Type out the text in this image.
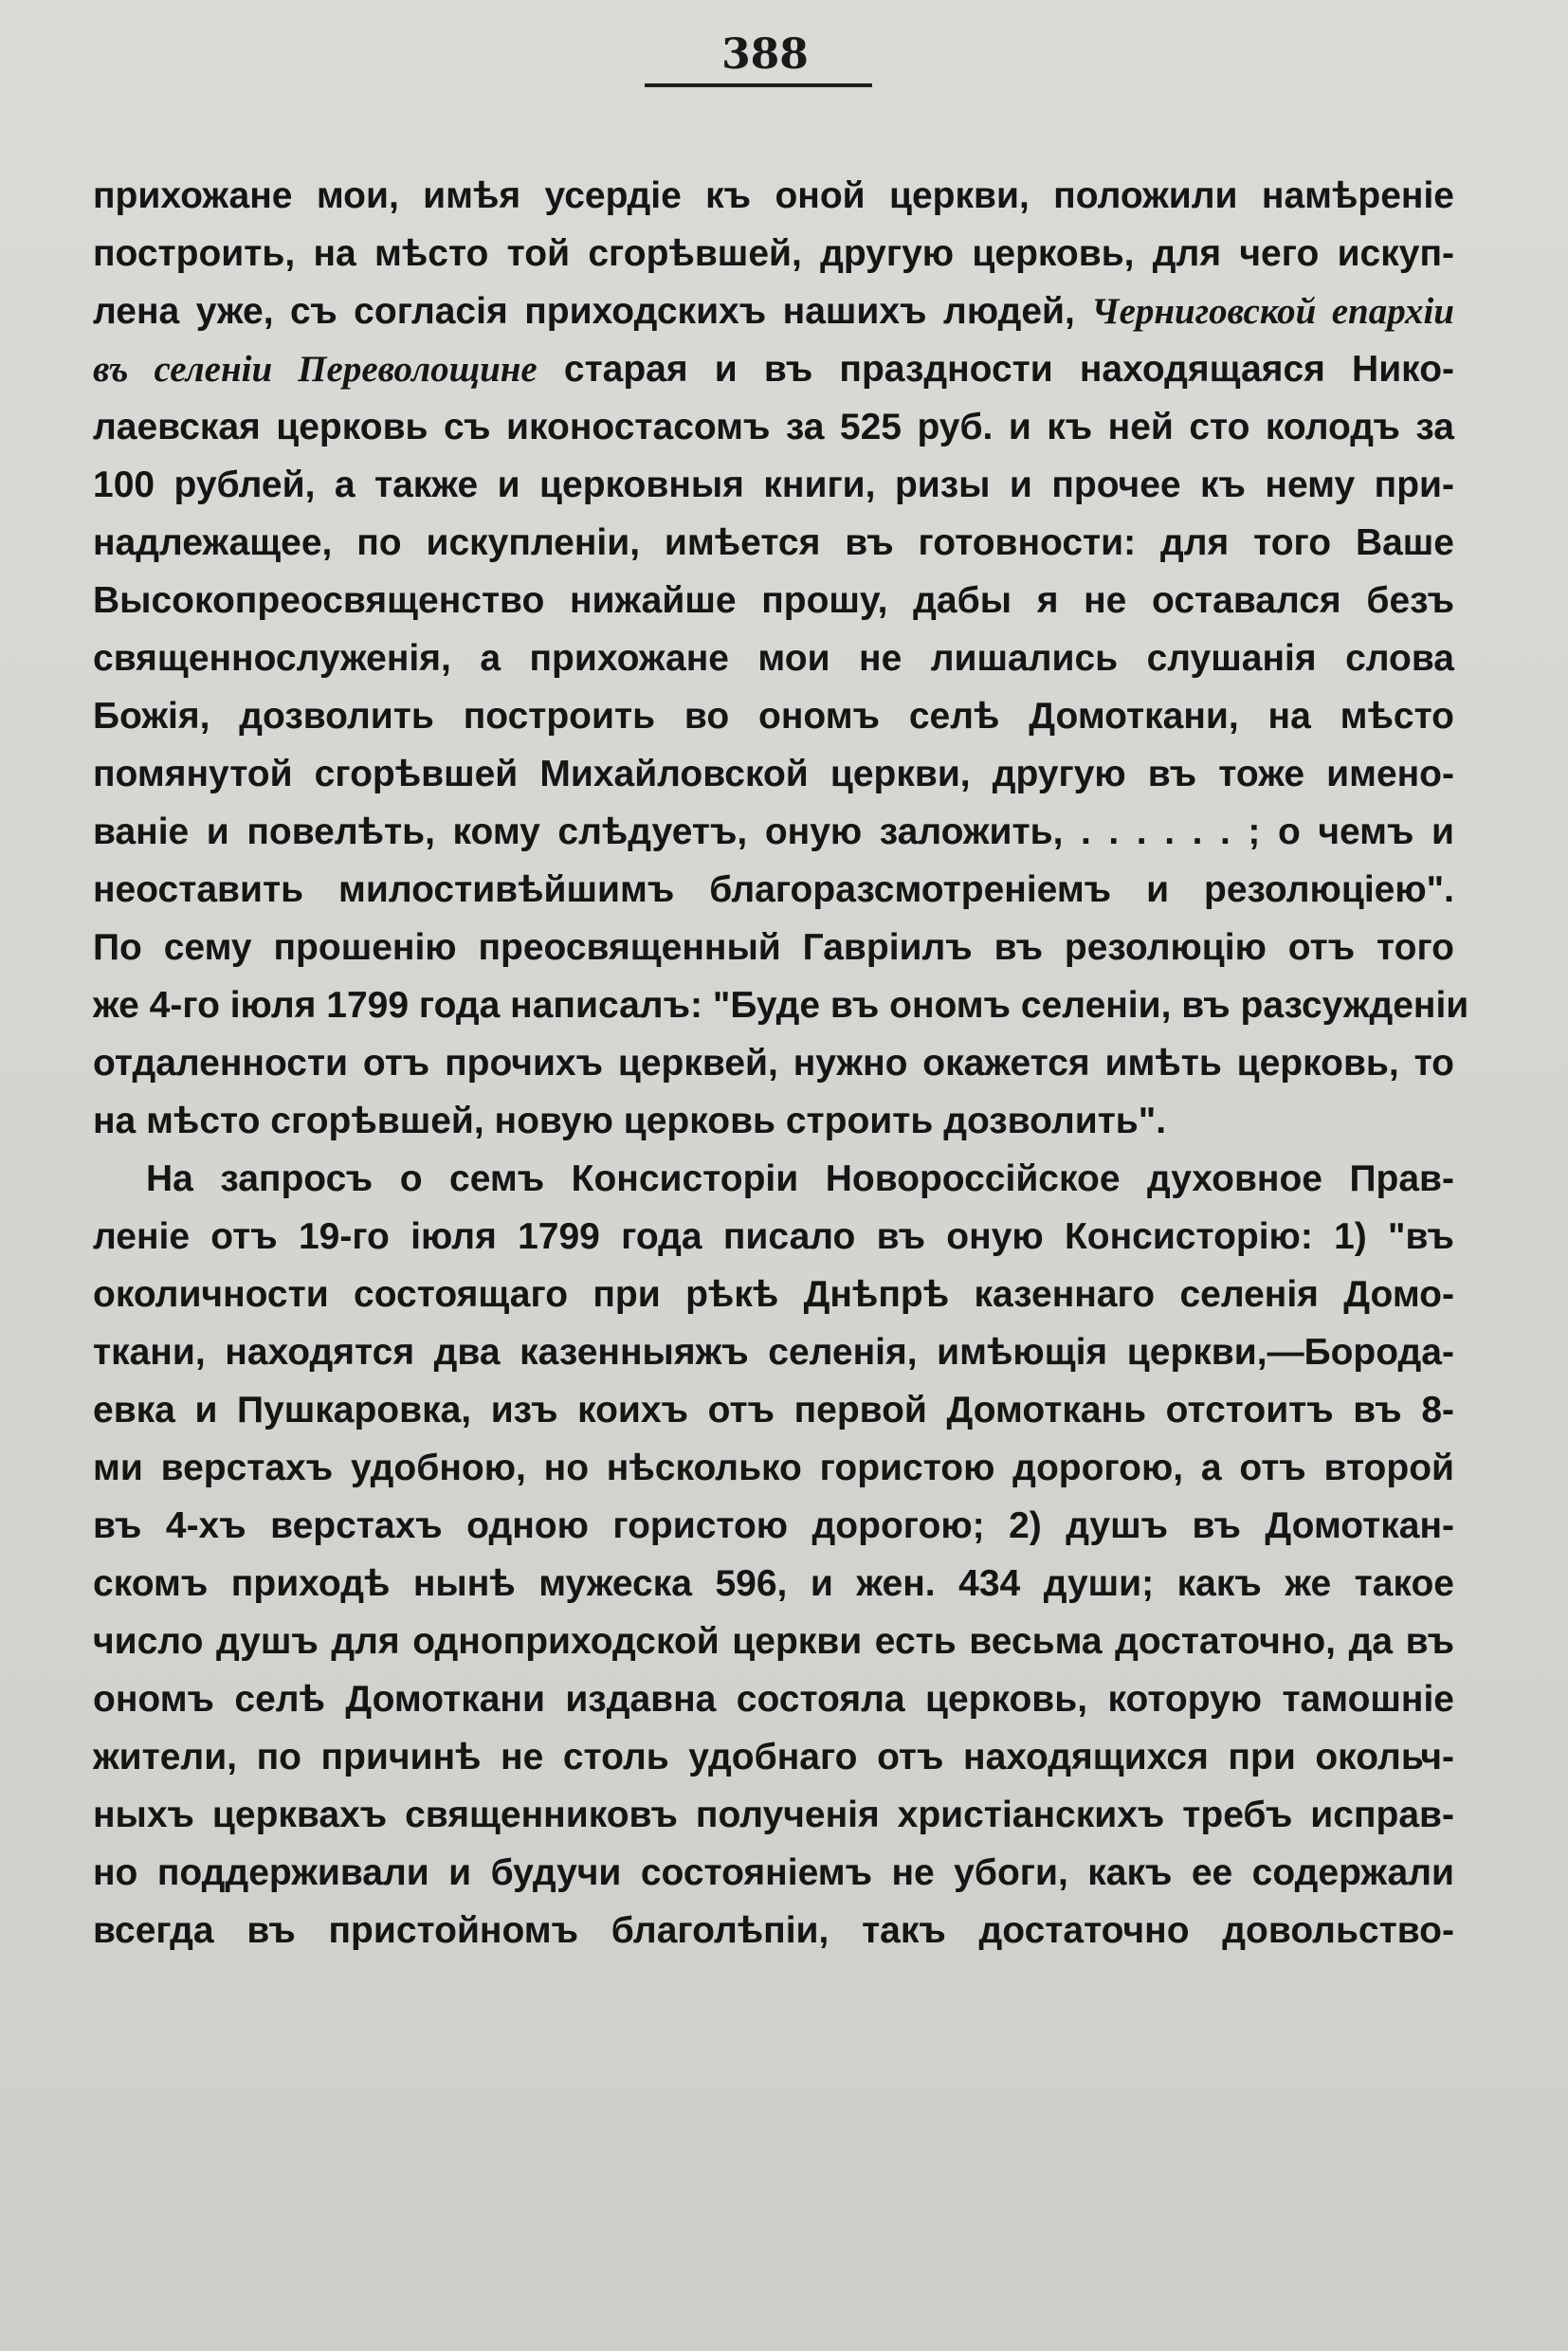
388
прихожане мои, имѣя усердіе къ оной церкви, положили намѣреніе
построить, на мѣсто той сгорѣвшей, другую церковь, для чего искуп-
лена уже, съ согласія приходскихъ нашихъ людей, Черниговской епархіи
въ селеніи Переволощине старая и въ праздности находящаяся Нико-
лаевская церковь съ иконостасомъ за 525 руб. и къ ней сто колодъ за
100 рублей, а также и церковныя книги, ризы и прочее къ нему при-
надлежащее, по искупленіи, имѣется въ готовности: для того Ваше
Высокопреосвященство нижайше прошу, дабы я не оставался безъ
священнослуженія, а прихожане мои не лишались слушанія слова
Божія, дозволить построить во ономъ селѣ Домоткани, на мѣсто
помянутой сгорѣвшей Михайловской церкви, другую въ тоже имено-
ваніе и повелѣть, кому слѣдуетъ, оную заложить, . . . . . . ; о чемъ и
неоставить милостивѣйшимъ благоразсмотреніемъ и резолюціею".
По сему прошенію преосвященный Гавріилъ въ резолюцію отъ того
же 4-го іюля 1799 года написалъ: "Буде въ ономъ селеніи, въ разсужденіи
отдаленности отъ прочихъ церквей, нужно окажется имѣть церковь, то
на мѣсто сгорѣвшей, новую церковь строить дозволить".
На запросъ о семъ Консисторіи Новороссійское духовное Прав-
леніе отъ 19-го іюля 1799 года писало въ оную Консисторію: 1) "въ
околичности состоящаго при рѣкѣ Днѣпрѣ казеннаго селенія Домо-
ткани, находятся два казенныяжъ селенія, имѣющія церкви,—Борода-
евка и Пушкаровка, изъ коихъ отъ первой Домоткань отстоитъ въ 8-
ми верстахъ удобною, но нѣсколько гористою дорогою, а отъ второй
въ 4-хъ верстахъ одною гористою дорогою; 2) душъ въ Домоткан-
скомъ приходѣ нынѣ мужеска 596, и жен. 434 души; какъ же такое
число душъ для одноприходской церкви есть весьма достаточно, да въ
ономъ селѣ Домоткани издавна состояла церковь, которую тамошніе
жители, по причинѣ не столь удобнаго отъ находящихся при окольч-
ныхъ церквахъ священниковъ полученія христіанскихъ требъ исправ-
но поддерживали и будучи состояніемъ не убоги, какъ ее содержали
всегда въ пристойномъ благолѣпіи, такъ достаточно довольство-
